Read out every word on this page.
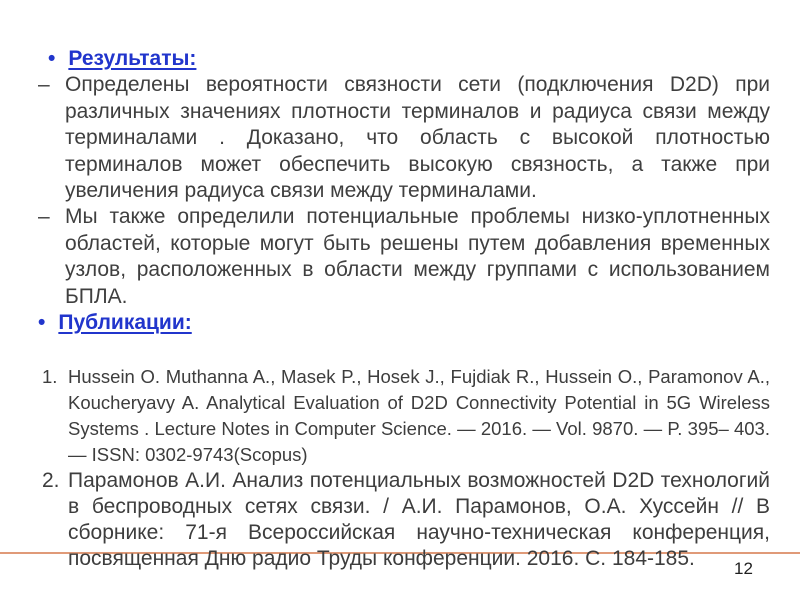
• Результаты:
– Определены вероятности связности сети (подключения D2D) при различных значениях плотности терминалов и радиуса связи между терминалами . Доказано, что область с высокой плотностью терминалов может обеспечить высокую связность, а также при увеличения радиуса связи между терминалами.
– Мы также определили потенциальные проблемы низко-уплотненных областей, которые могут быть решены путем добавления временных узлов, расположенных в области между группами с использованием БПЛА.
• Публикации:
1. Hussein O. Muthanna A., Masek P., Hosek J., Fujdiak R., Hussein O., Paramonov A., Koucheryavy A. Analytical Evaluation of D2D Connectivity Potential in 5G Wireless Systems . Lecture Notes in Computer Science. — 2016. — Vol. 9870. — P. 395– 403. — ISSN: 0302-9743(Scopus)
2. Парамонов А.И. Анализ потенциальных возможностей D2D технологий в беспроводных сетях связи. / А.И. Парамонов, О.А. Хуссейн // В сборнике: 71-я Всероссийская научно-техническая конференция, посвященная Дню радио Труды конференции. 2016. С. 184-185.	12
